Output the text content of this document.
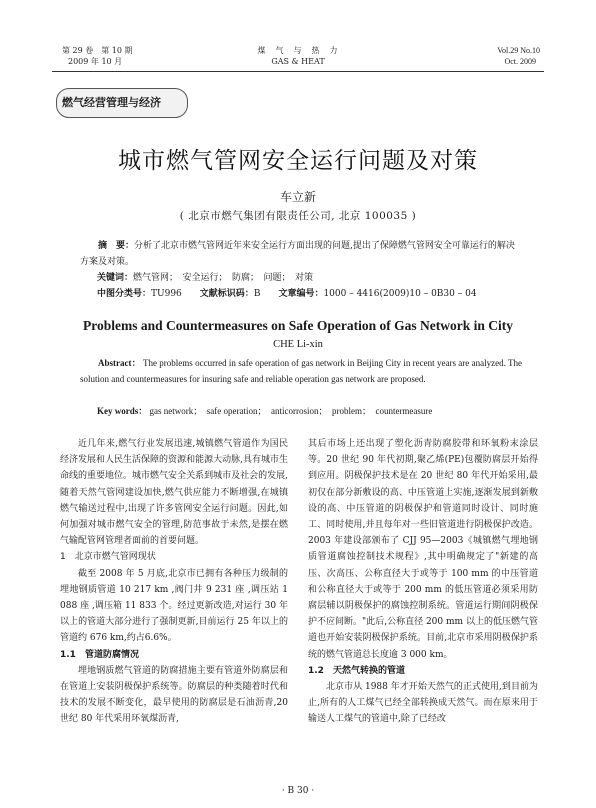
第 29 卷　第 10 期
2009 年 10 月
煤　气　与　热　力
GAS & HEAT
Vol.29 No.10
Oct. 2009
燃气经营管理与经济
城市燃气管网安全运行问题及对策
车立新
( 北京市燃气集团有限责任公司, 北京 100035 )
摘　要：分析了北京市燃气管网近年来安全运行方面出现的问题,提出了保障燃气管网安全可靠运行的解决方案及对策。
关键词：燃气管网；　安全运行；　防腐；　问题；　对策
中图分类号：TU996 文献标识码：B 文章编号：1000 – 4416(2009)10 – 0B30 – 04
Problems and Countermeasures on Safe Operation of Gas Network in City
CHE Li-xin
Abstract： The problems occurred in safe operation of gas network in Beijing City in recent years are analyzed. The solution and countermeasures for insuring safe and reliable operation gas network are proposed.
Key words： gas network；　safe operation；　anticorrosion；　problem；　countermeasure

近几年来,燃气行业发展迅速,城镇燃气管道作为国民经济发展和人民生活保障的资源和能源大动脉,具有城市生命线的重要地位。城市燃气安全关系到城市及社会的发展,随着天然气管网建设加快,燃气供应能力不断增强,在城镇燃气输送过程中,出现了许多管网安全运行问题。因此,如何加强对城市燃气安全的管理,防范事故于未然,是摆在燃气输配管网管理者面前的首要问题。

1　北京市燃气管网现状

截至 2008 年 5 月底,北京市已拥有各种压力级制的埋地钢质管道 10 217 km ,阀门井 9 231 座 ,调压站 1 088 座 ,调压箱 11 833 个。经过更新改造,对运行 30 年以上的管道大部分进行了强制更新,目前运行 25 年以上的管道约 676 km,约占6.6%。

1.1　管道防腐情况

埋地钢质燃气管道的防腐措施主要有管道外防腐层和在管道上安装阴极保护系统等。防腐层的种类随着时代和技术的发展不断变化，最早使用的防腐层是石油沥青,20 世纪 80 年代采用环氧煤沥青,

其后市场上还出现了塑化沥青防腐胶带和环氧粉末涂层等。20 世纪 90 年代初期,聚乙烯(PE)包覆防腐层开始得到应用。阴极保护技术是在 20 世纪 80 年代开始采用,最初仅在部分新敷设的高、中压管道上实施,逐渐发展到新敷设的高、中压管道的阴极保护和管道同时设计、同时施工、同时使用,并且每年对一些旧管道进行阴极保护改造。2003 年建设部颁布了 CJJ 95—2003《城镇燃气埋地钢质管道腐蚀控制技术规程》,其中明确规定了"新建的高压、次高压、公称直径大于或等于 100 mm 的中压管道和公称直径大于或等于 200 mm 的低压管道必须采用防腐层辅以阴极保护的腐蚀控制系统。管道运行期间阴极保护不应间断。"此后,公称直径 200 mm 以上的低压燃气管道也开始安装阴极保护系统。目前,北京市采用阴极保护系统的燃气管道总长度逾 3 000 km。

1.2　天然气转换的管道

北京市从 1988 年才开始天然气的正式使用,到目前为止,所有的人工煤气已经全部转换成天然气。而在原来用于输送人工煤气的管道中,除了已经改

· B 30 ·
